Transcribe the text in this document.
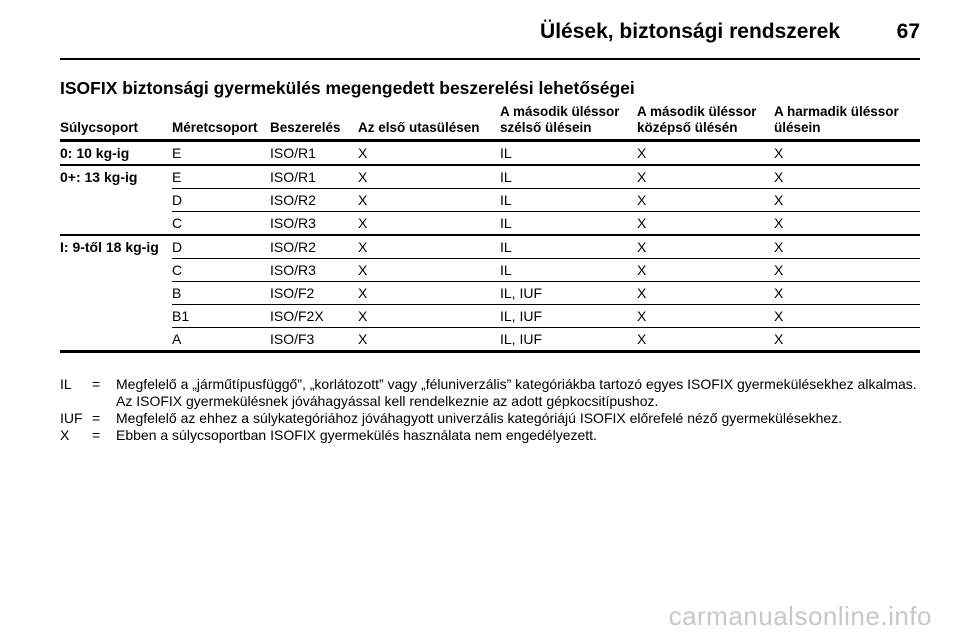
Ülések, biztonsági rendszerek	67
ISOFIX biztonsági gyermekülés megengedett beszerelési lehetőségei
Súlycsoport	Méretcsoport	Beszerelés	Az első utasülésen	A második üléssor szélső ülésein	A második üléssor középső ülésén	A harmadik üléssor ülésein
0: 10 kg-ig	E	ISO/R1	X	IL	X	X
0+: 13 kg-ig	E	ISO/R1	X	IL	X	X
	D	ISO/R2	X	IL	X	X
	C	ISO/R3	X	IL	X	X
I: 9-től 18 kg-ig	D	ISO/R2	X	IL	X	X
	C	ISO/R3	X	IL	X	X
	B	ISO/F2	X	IL, IUF	X	X
	B1	ISO/F2X	X	IL, IUF	X	X
	A	ISO/F3	X	IL, IUF	X	X
IL	=	Megfelelő a „járműtípusfüggő”, „korlátozott” vagy „féluniverzális” kategóriákba tartozó egyes ISOFIX gyermekülésekhez alkalmas. Az ISOFIX gyermekülésnek jóváhagyással kell rendelkeznie az adott gépkocsitípushoz.
IUF =	Megfelelő az ehhez a súlykategóriához jóváhagyott univerzális kategóriájú ISOFIX előrefelé néző gyermekülésekhez.
X	=	Ebben a súlycsoportban ISOFIX gyermekülés használata nem engedélyezett.
carmanualsonline.info
